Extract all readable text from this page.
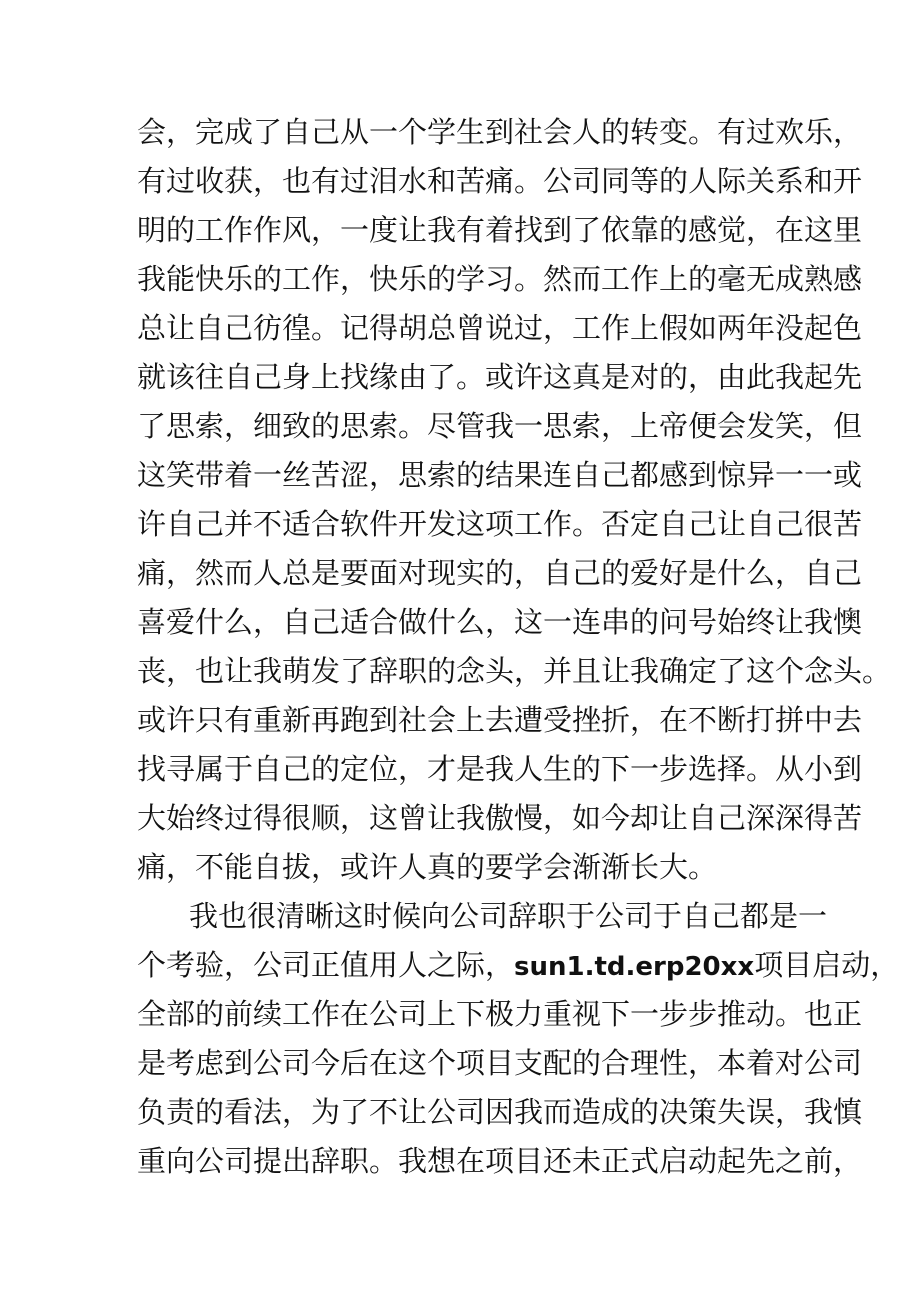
会，完成了自己从一个学生到社会人的转变。有过欢乐，
有过收获，也有过泪水和苦痛。公司同等的人际关系和开
明的工作作风，一度让我有着找到了依靠的感觉，在这里
我能快乐的工作，快乐的学习。然而工作上的毫无成熟感
总让自己彷徨。记得胡总曾说过，工作上假如两年没起色
就该往自己身上找缘由了。或许这真是对的，由此我起先
了思索，细致的思索。尽管我一思索，上帝便会发笑，但
这笑带着一丝苦涩，思索的结果连自己都感到惊异一一或
许自己并不适合软件开发这项工作。否定自己让自己很苦
痛，然而人总是要面对现实的，自己的爱好是什么，自己
喜爱什么，自己适合做什么，这一连串的问号始终让我懊
丧，也让我萌发了辞职的念头，并且让我确定了这个念头。
或许只有重新再跑到社会上去遭受挫折，在不断打拼中去
找寻属于自己的定位，才是我人生的下一步选择。从小到
大始终过得很顺，这曾让我傲慢，如今却让自己深深得苦
痛，不能自拔，或许人真的要学会渐渐长大。
我也很清晰这时候向公司辞职于公司于自己都是一
个考验，公司正值用人之际，sun1.td.erp20xx项目启动，
全部的前续工作在公司上下极力重视下一步步推动。也正
是考虑到公司今后在这个项目支配的合理性，本着对公司
负责的看法，为了不让公司因我而造成的决策失误，我慎
重向公司提出辞职。我想在项目还未正式启动起先之前，
